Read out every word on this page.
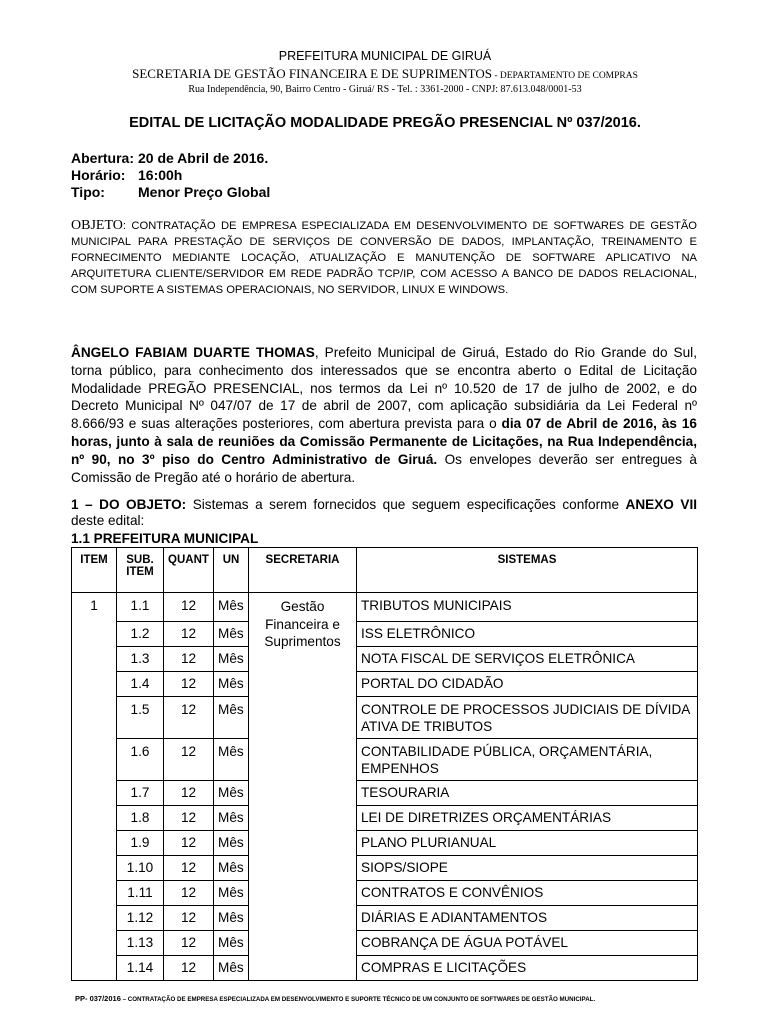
PREFEITURA MUNICIPAL DE GIRUÁ
SECRETARIA DE GESTÃO FINANCEIRA E DE SUPRIMENTOS - DEPARTAMENTO DE COMPRAS
Rua Independência, 90, Bairro Centro - Giruá/ RS - Tel. : 3361-2000 - CNPJ: 87.613.048/0001-53
EDITAL DE LICITAÇÃO MODALIDADE PREGÃO PRESENCIAL Nº 037/2016.
Abertura: 20 de Abril de 2016.
Horário: 16:00h
Tipo: Menor Preço Global
OBJETO: CONTRATAÇÃO DE EMPRESA ESPECIALIZADA EM DESENVOLVIMENTO DE SOFTWARES DE GESTÃO MUNICIPAL PARA PRESTAÇÃO DE SERVIÇOS DE CONVERSÃO DE DADOS, IMPLANTAÇÃO, TREINAMENTO E FORNECIMENTO MEDIANTE LOCAÇÃO, ATUALIZAÇÃO E MANUTENÇÃO DE SOFTWARE APLICATIVO NA ARQUITETURA CLIENTE/SERVIDOR EM REDE PADRÃO TCP/IP, COM ACESSO A BANCO DE DADOS RELACIONAL, COM SUPORTE A SISTEMAS OPERACIONAIS, NO SERVIDOR, LINUX E WINDOWS.
ÂNGELO FABIAM DUARTE THOMAS, Prefeito Municipal de Giruá, Estado do Rio Grande do Sul, torna público, para conhecimento dos interessados que se encontra aberto o Edital de Licitação Modalidade PREGÃO PRESENCIAL, nos termos da Lei nº 10.520 de 17 de julho de 2002, e do Decreto Municipal Nº 047/07 de 17 de abril de 2007, com aplicação subsidiária da Lei Federal nº 8.666/93 e suas alterações posteriores, com abertura prevista para o dia 07 de Abril de 2016, às 16 horas, junto à sala de reuniões da Comissão Permanente de Licitações, na Rua Independência, nº 90, no 3º piso do Centro Administrativo de Giruá. Os envelopes deverão ser entregues à Comissão de Pregão até o horário de abertura.
1 – DO OBJETO: Sistemas a serem fornecidos que seguem especificações conforme ANEXO VII deste edital:
1.1 PREFEITURA MUNICIPAL
ITEM	SUB. ITEM	QUANT	UN	SECRETARIA	SISTEMAS
1	1.1	12	Mês	Gestão Financeira e Suprimentos	TRIBUTOS MUNICIPAIS
	1.2	12	Mês		ISS ELETRÔNICO
	1.3	12	Mês		NOTA FISCAL DE SERVIÇOS ELETRÔNICA
	1.4	12	Mês		PORTAL DO CIDADÃO
	1.5	12	Mês		CONTROLE DE PROCESSOS JUDICIAIS DE DÍVIDA ATIVA DE TRIBUTOS
	1.6	12	Mês		CONTABILIDADE PÚBLICA, ORÇAMENTÁRIA, EMPENHOS
	1.7	12	Mês		TESOURARIA
	1.8	12	Mês		LEI DE DIRETRIZES ORÇAMENTÁRIAS
	1.9	12	Mês		PLANO PLURIANUAL
	1.10	12	Mês		SIOPS/SIOPE
	1.11	12	Mês		CONTRATOS E CONVÊNIOS
	1.12	12	Mês		DIÁRIAS E ADIANTAMENTOS
	1.13	12	Mês		COBRANÇA DE ÁGUA POTÁVEL
	1.14	12	Mês		COMPRAS E LICITAÇÕES
PP- 037/2016 – CONTRATAÇÃO DE EMPRESA ESPECIALIZADA EM DESENVOLVIMENTO E SUPORTE TÉCNICO DE UM CONJUNTO DE SOFTWARES DE GESTÃO MUNICIPAL.
